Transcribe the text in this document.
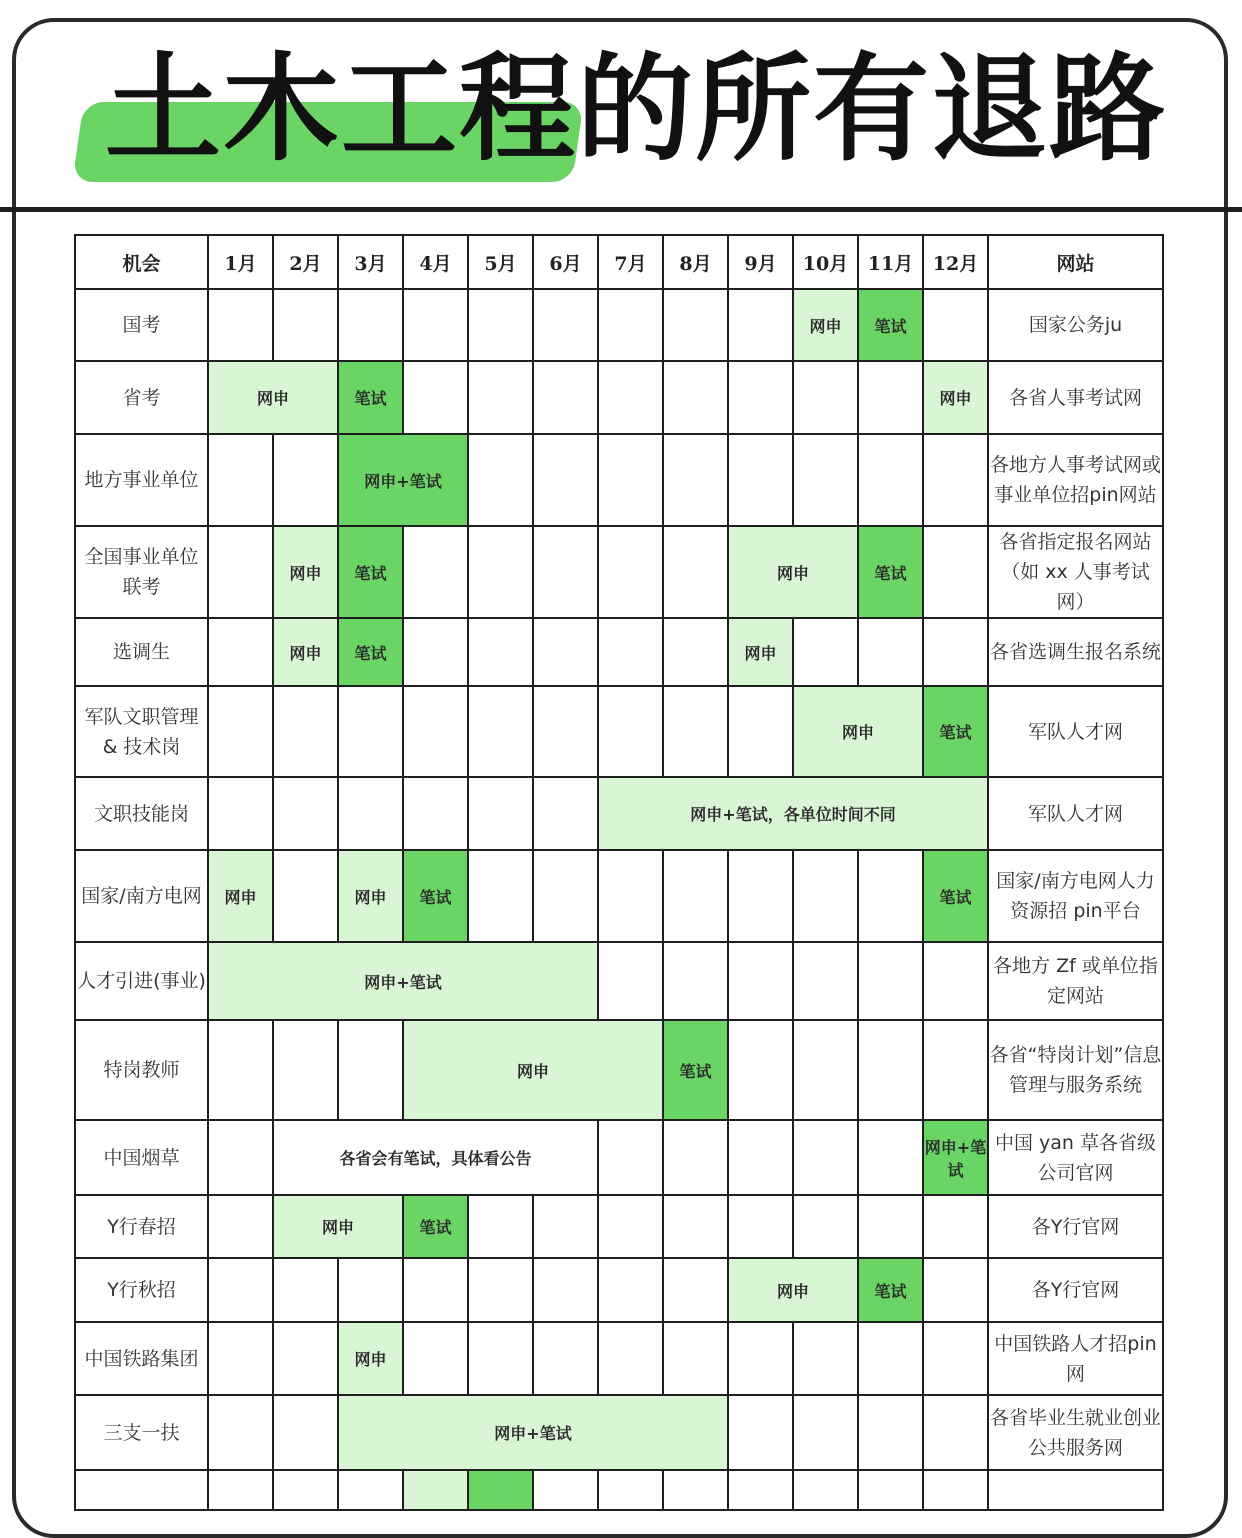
土木工程的所有退路
机会	1月	2月	3月	4月	5月	6月	7月	8月	9月	10月	11月	12月	网站
国考										网申	笔试		国家公务ju
省考	网申		笔试									网申	各省人事考试网
地方事业单位			网申+笔试										各地方人事考试网或事业单位招pin网站
全国事业单位联考		网申	笔试						网申		笔试		各省指定报名网站（如 xx 人事考试网）
选调生		网申	笔试						网申				各省选调生报名系统
军队文职管理 & 技术岗										网申		笔试	军队人才网
文职技能岗							网申+笔试，各单位时间不同						军队人才网
国家/南方电网	网申		网申	笔试								笔试	国家/南方电网人力资源招 pin平台
人才引进(事业)	网申+笔试												各地方 Zf 或单位指定网站
特岗教师				网申				笔试					各省“特岗计划”信息管理与服务系统
中国烟草		各省会有笔试，具体看公告										网申+笔试	中国 yan 草各省级公司官网
Y行春招		网申		笔试									各Y行官网
Y行秋招									网申		笔试		各Y行官网
中国铁路集团			网申										中国铁路人才招pin 网
三支一扶			网申+笔试										各省毕业生就业创业公共服务网
